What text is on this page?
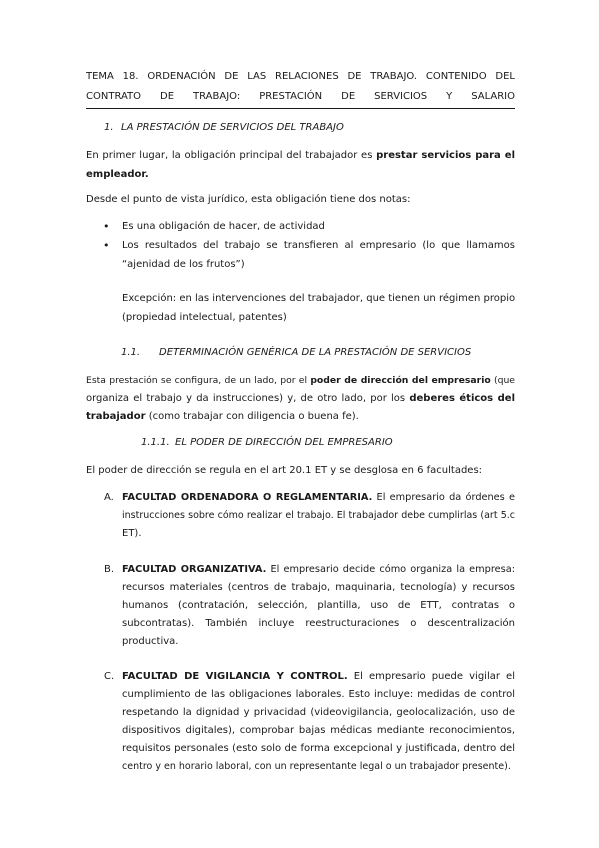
TEMA 18. ORDENACIÓN DE LAS RELACIONES DE TRABAJO. CONTENIDO DEL
CONTRATO DE TRABAJO: PRESTACIÓN DE SERVICIOS Y SALARIO
1. LA PRESTACIÓN DE SERVICIOS DEL TRABAJO
En primer lugar, la obligación principal del trabajador es prestar servicios para el
empleador.
Desde el punto de vista jurídico, esta obligación tiene dos notas:
• Es una obligación de hacer, de actividad
• Los resultados del trabajo se transfieren al empresario (lo que llamamos
“ajenidad de los frutos”)
Excepción: en las intervenciones del trabajador, que tienen un régimen propio
(propiedad intelectual, patentes)
1.1.	DETERMINACIÓN GENÉRICA DE LA PRESTACIÓN DE SERVICIOS
Esta prestación se configura, de un lado, por el poder de dirección del empresario (que
organiza el trabajo y da instrucciones) y, de otro lado, por los deberes éticos del
trabajador (como trabajar con diligencia o buena fe).
1.1.1. EL PODER DE DIRECCIÓN DEL EMPRESARIO
El poder de dirección se regula en el art 20.1 ET y se desglosa en 6 facultades:
A. FACULTAD ORDENADORA O REGLAMENTARIA. El empresario da órdenes e
instrucciones sobre cómo realizar el trabajo. El trabajador debe cumplirlas (art 5.c
ET).
B. FACULTAD ORGANIZATIVA. El empresario decide cómo organiza la empresa:
recursos materiales (centros de trabajo, maquinaria, tecnología) y recursos
humanos (contratación, selección, plantilla, uso de ETT, contratas o
subcontratas). También incluye reestructuraciones o descentralización
productiva.
C. FACULTAD DE VIGILANCIA Y CONTROL. El empresario puede vigilar el
cumplimiento de las obligaciones laborales. Esto incluye: medidas de control
respetando la dignidad y privacidad (videovigilancia, geolocalización, uso de
dispositivos digitales), comprobar bajas médicas mediante reconocimientos,
requisitos personales (esto solo de forma excepcional y justificada, dentro del
centro y en horario laboral, con un representante legal o un trabajador presente).
